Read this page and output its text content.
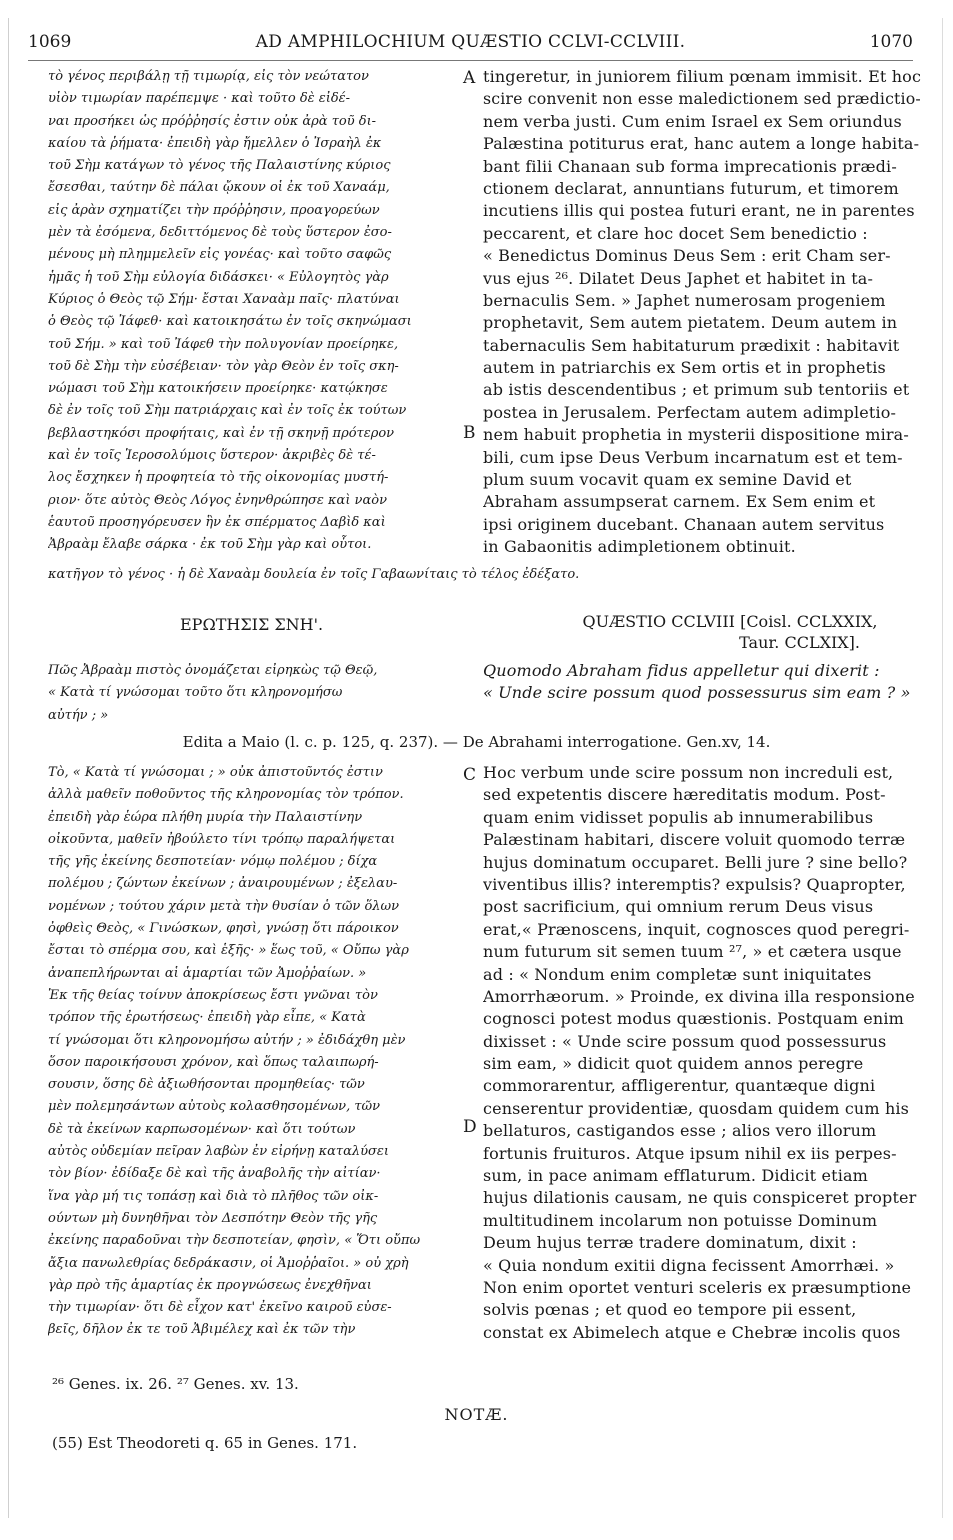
1069	AD AMPHILOCHIUM QUÆSTIO CCLVI-CCLVIII.	1070
τὸ γένος περιβάλῃ τῇ τιμωρίᾳ, εἰς τὸν νεώτατον
υἱὸν τιμωρίαν παρέπεμψε · καὶ τοῦτο δὲ εἰδέ-
ναι προσήκει ὡς πρόῤῥησίς ἐστιν οὐκ ἀρὰ τοῦ δι-
καίου τὰ ῥήματα· ἐπειδὴ γὰρ ἤμελλεν ὁ Ἰσραὴλ ἐκ
τοῦ Σὴμ κατάγων τὸ γένος τῆς Παλαιστίνης κύριος
ἔσεσθαι, ταύτην δὲ πάλαι ᾤκουν οἱ ἐκ τοῦ Χαναάμ,
εἰς ἀρὰν σχηματίζει τὴν πρόῤῥησιν, προαγορεύων
μὲν τὰ ἐσόμενα, δεδιττόμενος δὲ τοὺς ὕστερον ἐσο-
μένους μὴ πλημμελεῖν εἰς γονέας· καὶ τοῦτο σαφῶς
ἡμᾶς ἡ τοῦ Σὴμ εὐλογία διδάσκει· « Εὐλογητὸς γὰρ
Κύριος ὁ Θεὸς τῷ Σήμ· ἔσται Χαναὰμ παῖς· πλατύναι
ὁ Θεὸς τῷ Ἰάφεθ· καὶ κατοικησάτω ἐν τοῖς σκηνώμασι
τοῦ Σήμ. » καὶ τοῦ Ἰάφεθ τὴν πολυγονίαν προείρηκε,
τοῦ δὲ Σὴμ τὴν εὐσέβειαν· τὸν γὰρ Θεὸν ἐν τοῖς σκη-
νώμασι τοῦ Σὴμ κατοικήσειν προείρηκε· κατῴκησε
δὲ ἐν τοῖς τοῦ Σὴμ πατριάρχαις καὶ ἐν τοῖς ἐκ τούτων
βεβλαστηκόσι προφήταις, καὶ ἐν τῇ σκηνῇ πρότερον
καὶ ἐν τοῖς Ἱεροσολύμοις ὕστερον· ἀκριβὲς δὲ τέ-
λος ἔσχηκεν ἡ προφητεία τὸ τῆς οἰκονομίας μυστή-
ριον· ὅτε αὐτὸς Θεὸς Λόγος ἐνηνθρώπησε καὶ ναὸν
ἑαυτοῦ προσηγόρευσεν ἣν ἐκ σπέρματος Δαβὶδ καὶ
Ἀβραὰμ ἔλαβε σάρκα · ἐκ τοῦ Σὴμ γὰρ καὶ οὗτοι.
tingeretur, in juniorem filium pœnam immisit. Et hoc
scire convenit non esse maledictionem sed prædictio-
nem verba justi. Cum enim Israel ex Sem oriundus
Palæstina potiturus erat, hanc autem a longe habita-
bant filii Chanaan sub forma imprecationis prædi-
ctionem declarat, annuntians futurum, et timorem
incutiens illis qui postea futuri erant, ne in parentes
peccarent, et clare hoc docet Sem benedictio :
« Benedictus Dominus Deus Sem : erit Cham ser-
vus ejus ²⁶. Dilatet Deus Japhet et habitet in ta-
bernaculis Sem. » Japhet numerosam progeniem
prophetavit, Sem autem pietatem. Deum autem in
tabernaculis Sem habitaturum prædixit : habitavit
autem in patriarchis ex Sem ortis et in prophetis
ab istis descendentibus ; et primum sub tentoriis et
postea in Jerusalem. Perfectam autem adimpletio-
nem habuit prophetia in mysterii dispositione mira-
bili, cum ipse Deus Verbum incarnatum est et tem-
plum suum vocavit quam ex semine David et
Abraham assumpserat carnem. Ex Sem enim et
ipsi originem ducebant. Chanaan autem servitus
in Gabaonitis adimpletionem obtinuit.
A
B
κατῆγον τὸ γένος · ἡ δὲ Χαναὰμ δουλεία ἐν τοῖς Γαβαωνίταις τὸ τέλος ἐδέξατο.
ΕΡΩΤΗΣΙΣ ΣΝΗ'.	QUÆSTIO CCLVIII [Coisl. CCLXXIX,
Taur. CCLXIX].
Πῶς Ἀβραὰμ πιστὸς ὀνομάζεται εἰρηκὼς τῷ Θεῷ,
« Κατὰ τί γνώσομαι τοῦτο ὅτι κληρονομήσω
αὐτήν ; »
Quomodo Abraham fidus appelletur qui dixerit :
« Unde scire possum quod possessurus sim eam ? »
Edita a Maio (l. c. p. 125, q. 237). — De Abrahami interrogatione. Gen.xv, 14.
Τὸ, « Κατὰ τί γνώσομαι ; » οὐκ ἀπιστοῦντός ἐστιν
ἀλλὰ μαθεῖν ποθοῦντος τῆς κληρονομίας τὸν τρόπον.
ἐπειδὴ γὰρ ἑώρα πλήθη μυρία τὴν Παλαιστίνην
οἰκοῦντα, μαθεῖν ἠβούλετο τίνι τρόπῳ παραλήψεται
τῆς γῆς ἐκείνης δεσποτείαν· νόμῳ πολέμου ; δίχα
πολέμου ; ζώντων ἐκείνων ; ἀναιρουμένων ; ἐξελαυ-
νομένων ; τούτου χάριν μετὰ τὴν θυσίαν ὁ τῶν ὅλων
ὀφθεὶς Θεὸς, « Γινώσκων, φησὶ, γνώσῃ ὅτι πάροικον
ἔσται τὸ σπέρμα σου, καὶ ἑξῆς· » ἕως τοῦ, « Οὔπω γὰρ
ἀναπεπλήρωνται αἱ ἁμαρτίαι τῶν Ἀμοῤῥαίων. »
Ἐκ τῆς θείας τοίνυν ἀποκρίσεως ἔστι γνῶναι τὸν
τρόπον τῆς ἐρωτήσεως· ἐπειδὴ γὰρ εἶπε, « Κατὰ
τί γνώσομαι ὅτι κληρονομήσω αὐτήν ; » ἐδιδάχθη μὲν
ὅσον παροικήσουσι χρόνον, καὶ ὅπως ταλαιπωρή-
σουσιν, ὅσης δὲ ἀξιωθήσονται προμηθείας· τῶν
μὲν πολεμησάντων αὐτοὺς κολασθησομένων, τῶν
δὲ τὰ ἐκείνων καρπωσομένων· καὶ ὅτι τούτων
αὐτὸς οὐδεμίαν πεῖραν λαβὼν ἐν εἰρήνῃ καταλύσει
τὸν βίον· ἐδίδαξε δὲ καὶ τῆς ἀναβολῆς τὴν αἰτίαν·
ἵνα γὰρ μή τις τοπάσῃ καὶ διὰ τὸ πλῆθος τῶν οἰκ-
ούντων μὴ δυνηθῆναι τὸν Δεσπότην Θεὸν τῆς γῆς
ἐκείνης παραδοῦναι τὴν δεσποτείαν, φησὶν, « Ὅτι οὔπω
ἄξια πανωλεθρίας δεδράκασιν, οἱ Ἀμοῤῥαῖοι. » οὐ χρὴ
γὰρ πρὸ τῆς ἁμαρτίας ἐκ προγνώσεως ἐνεχθῆναι
τὴν τιμωρίαν· ὅτι δὲ εἶχον κατ' ἐκεῖνο καιροῦ εὐσε-
βεῖς, δῆλον ἐκ τε τοῦ Ἀβιμέλεχ καὶ ἐκ τῶν τὴν
Hoc verbum unde scire possum non increduli est,
sed expetentis discere hæreditatis modum. Post-
quam enim vidisset populis ab innumerabilibus
Palæstinam habitari, discere voluit quomodo terræ
hujus dominatum occuparet. Belli jure ? sine bello?
viventibus illis? interemptis? expulsis? Quapropter,
post sacrificium, qui omnium rerum Deus visus
erat,« Prænoscens, inquit, cognosces quod peregri-
num futurum sit semen tuum ²⁷, » et cætera usque
ad : « Nondum enim completæ sunt iniquitates
Amorrhæorum. » Proinde, ex divina illa responsione
cognosci potest modus quæstionis. Postquam enim
dixisset : « Unde scire possum quod possessurus
sim eam, » didicit quot quidem annos peregre
commorarentur, affligerentur, quantæque digni
censerentur providentiæ, quosdam quidem cum his
bellaturos, castigandos esse ; alios vero illorum
fortunis fruituros. Atque ipsum nihil ex iis perpes-
sum, in pace animam efflaturum. Didicit etiam
hujus dilationis causam, ne quis conspiceret propter
multitudinem incolarum non potuisse Dominum
Deum hujus terræ tradere dominatum, dixit :
« Quia nondum exitii digna fecissent Amorrhæi. »
Non enim oportet venturi sceleris ex præsumptione
solvis pœnas ; et quod eo tempore pii essent,
constat ex Abimelech atque e Chebræ incolis quos
C
D
²⁶ Genes. ix. 26. ²⁷ Genes. xv. 13.
NOTÆ.
(55) Est Theodoreti q. 65 in Genes. 171.
